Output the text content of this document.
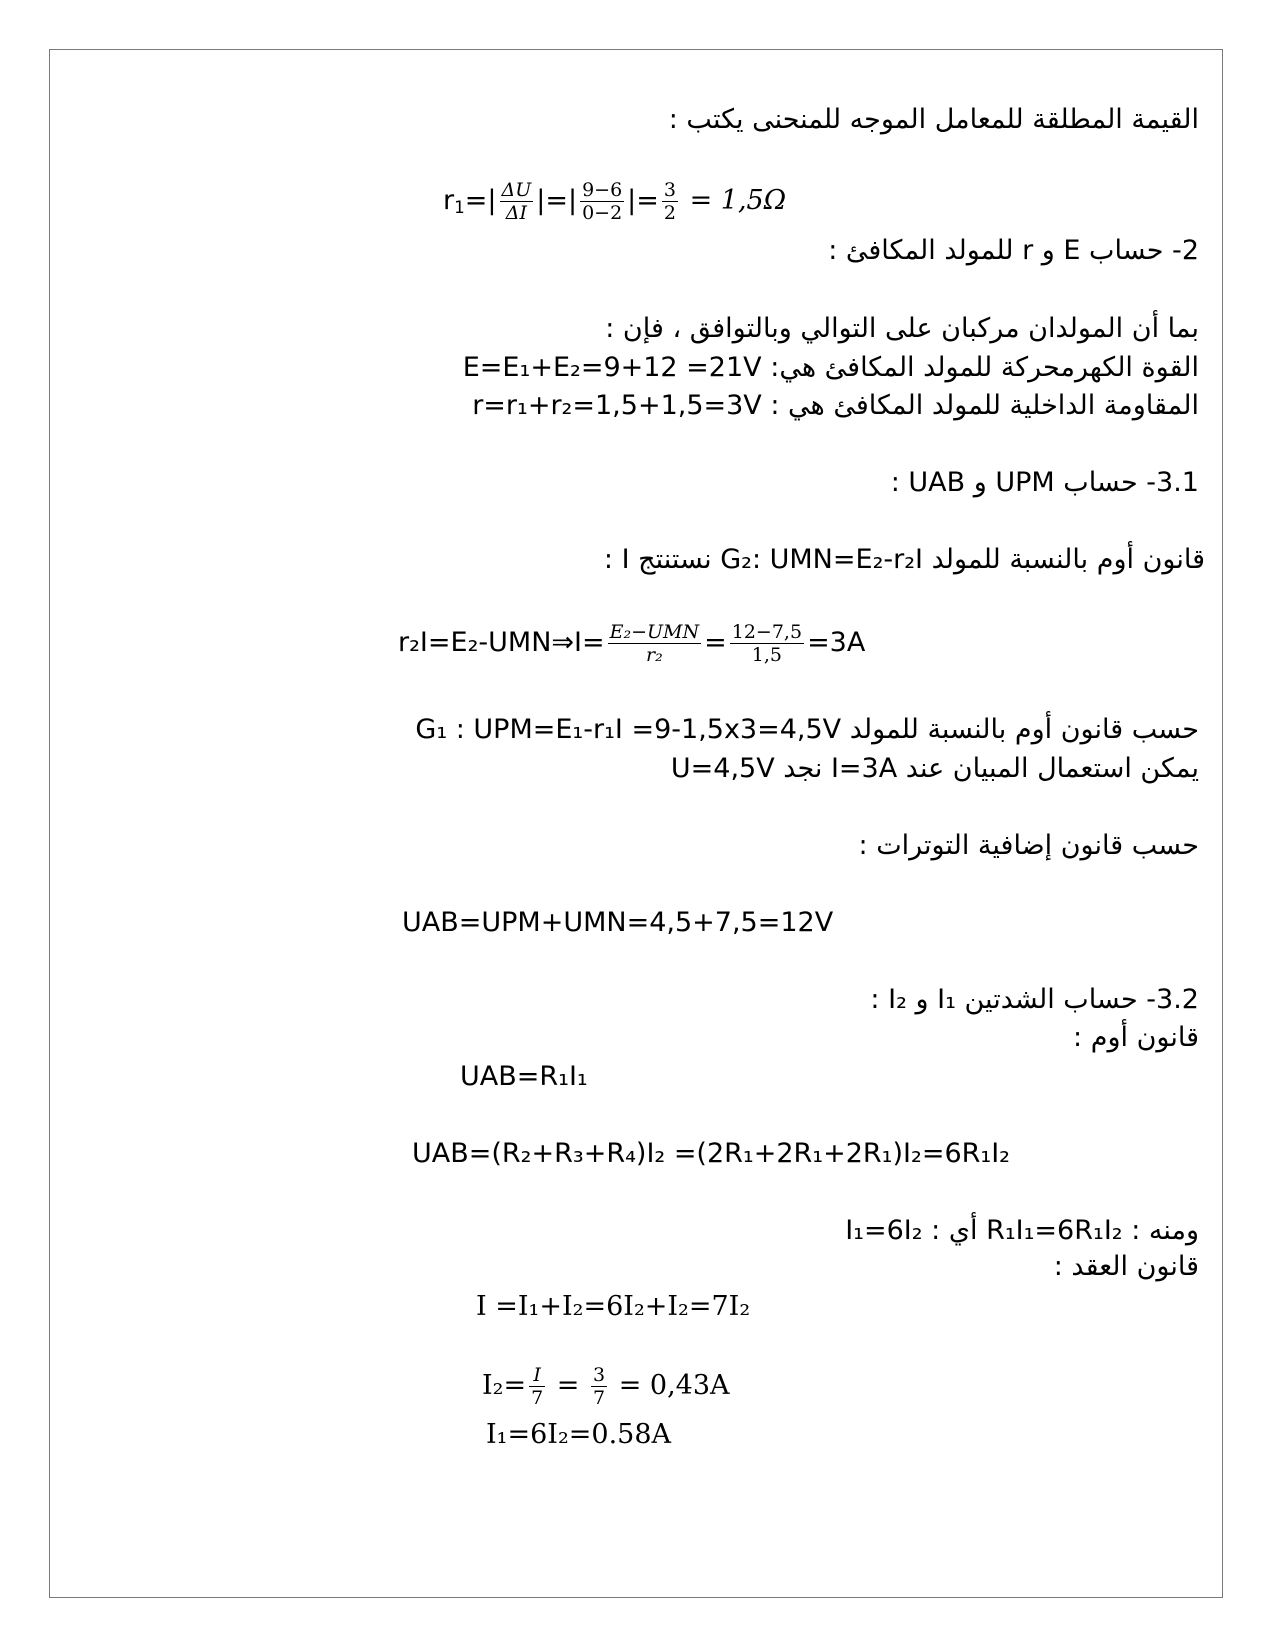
القيمة المطلقة للمعامل الموجه للمنحنى يكتب :
$r_1=| \frac{\Delta U}{\Delta I}$ |=| $\frac{9-6}{0-2}$ |= $\frac{3}{2} = 1,5\Omega$
2- حساب E و r للمولد المكافئ :
بما أن المولدان مركبان على التوالي وبالتوافق ، فإن :
القوة الكهرمحركة للمولد المكافئ هي: E=E₁+E₂=9+12 =21V
المقاومة الداخلية للمولد المكافئ هي : r=r₁+r₂=1,5+1,5=3V
3.1- حساب UPM و UAB :
قانون أوم بالنسبة للمولد G₂: UMN=E₂-r₂I نستنتج I :
r₂I=E₂-UMN⇒I= $\frac{\text{E₂−UMN}}{\text{r₂}} = \frac{12-7,5}{1,5} =3A$
حسب قانون أوم بالنسبة للمولد G₁ : UPM=E₁-r₁I =9-1,5x3=4,5V
يمكن استعمال المبيان عند I=3A نجد U=4,5V
حسب قانون إضافية التوترات :
UAB=UPM+UMN=4,5+7,5=12V
3.2- حساب الشدتين I₁ و I₂ :
قانون أوم :
UAB=R₁I₁
UAB=(R₂+R₃+R₄)I₂ =(2R₁+2R₁+2R₁)I₂=6R₁I₂
ومنه : R₁I₁=6R₁I₂ أي : I₁=6I₂
قانون العقد :
I =I₁+I₂=6I₂+I₂=7I₂
$I_2= \frac{I}{7} = \frac{3}{7} = 0,43A$
I₁=6I₂=0.58A
